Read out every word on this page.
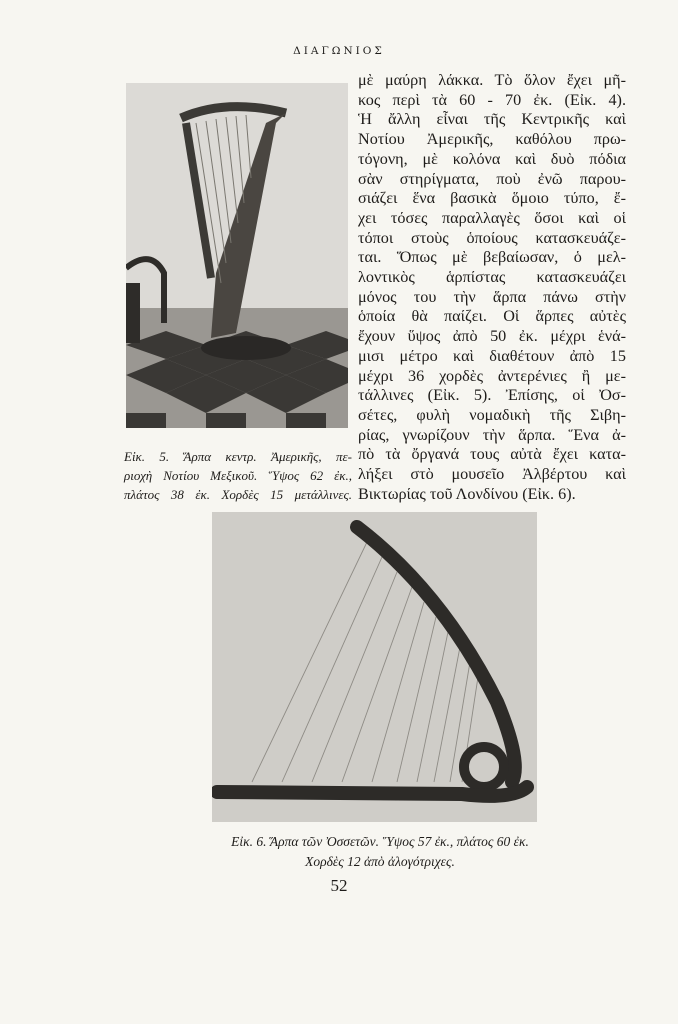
ΔΙΑΓΩΝΙΟΣ
μὲ μαύρη λάκκα. Τὸ ὅλον ἔχει μῆ-
κος περὶ τὰ 60 - 70 ἐκ. (Εἰκ. 4).
Ἡ ἄλλη εἶναι τῆς Κεντρικῆς καὶ
Νοτίου Ἀμερικῆς, καθόλου πρω-
τόγονη, μὲ κολόνα καὶ δυὸ πόδια
σὰν στηρίγματα, ποὺ ἐνῶ παρου-
σιάζει ἕνα βασικὰ ὅμοιο τύπο, ἔ-
χει τόσες παραλλαγὲς ὅσοι καὶ οἱ
τόποι στοὺς ὁποίους κατασκευάζε-
ται. Ὅπως μὲ βεβαίωσαν, ὁ μελ-
λοντικὸς ἁρπίστας κατασκευάζει
μόνος του τὴν ἅρπα πάνω στὴν
ὁποία θὰ παίζει. Οἱ ἅρπες αὐτὲς
ἔχουν ὕψος ἀπὸ 50 ἐκ. μέχρι ἑνά-
μισι μέτρο καὶ διαθέτουν ἀπὸ 15
μέχρι 36 χορδὲς ἀντερένιες ἢ με-
τάλλινες (Εἰκ. 5). Ἐπίσης, οἱ Ὀσ-
σέτες, φυλὴ νομαδικὴ τῆς Σιβη-
ρίας, γνωρίζουν τὴν ἅρπα. Ἕνα ἀ-
πὸ τὰ ὄργανά τους αὐτὰ ἔχει κατα-
λήξει στὸ μουσεῖο Ἀλβέρτου καὶ
Βικτωρίας τοῦ Λονδίνου (Εἰκ. 6).
Εἰκ. 5. Ἅρπα κεντρ. Ἀμερικῆς, πε-
ριοχὴ Νοτίου Μεξικοῦ. Ὕψος 62 ἐκ.,
πλάτος 38 ἐκ. Χορδὲς 15 μετάλλινες.
Εἰκ. 6. Ἅρπα τῶν Ὀσσετῶν. Ὕψος 57 ἐκ., πλάτος 60 ἐκ.
Χορδὲς 12 ἀπὸ ἀλογότριχες.
52
